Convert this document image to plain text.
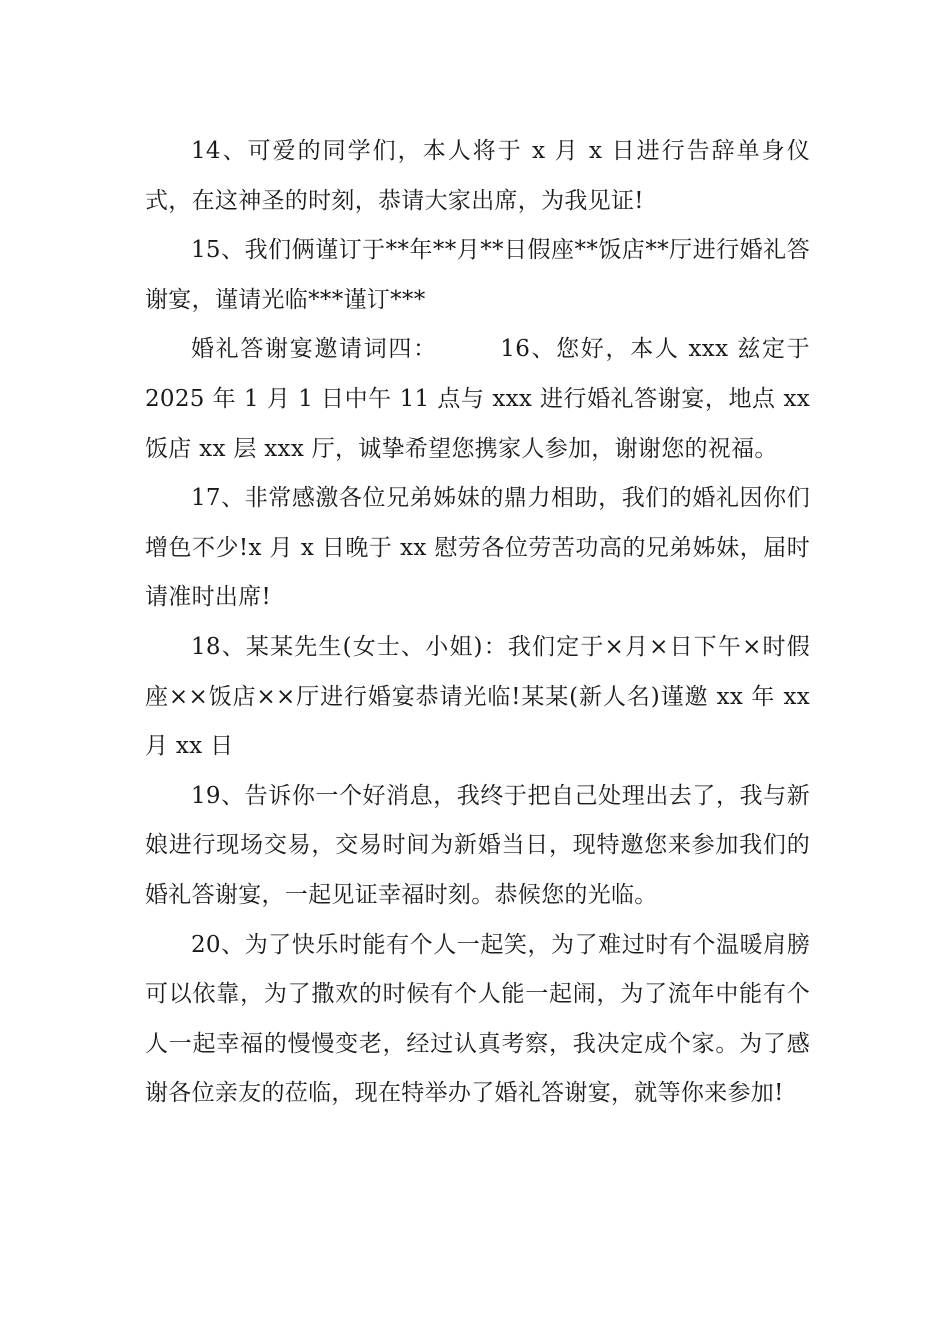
14、可爱的同学们，本人将于 x 月 x 日进行告辞单身仪式，在这神圣的时刻，恭请大家出席，为我见证!

15、我们俩谨订于**年**月**日假座**饭店**厅进行婚礼答谢宴，谨请光临***谨订***

婚礼答谢宴邀请词四：　　　16、您好，本人 xxx 兹定于2025 年 1 月 1 日中午 11 点与 xxx 进行婚礼答谢宴，地点 xx 饭店 xx 层 xxx 厅，诚挚希望您携家人参加，谢谢您的祝福。

17、非常感激各位兄弟姊妹的鼎力相助，我们的婚礼因你们增色不少!x 月 x 日晚于 xx 慰劳各位劳苦功高的兄弟姊妹，届时请准时出席!

18、某某先生(女士、小姐)：我们定于×月×日下午×时假座××饭店××厅进行婚宴恭请光临!某某(新人名)谨邀 xx 年 xx 月 xx 日

19、告诉你一个好消息，我终于把自己处理出去了，我与新娘进行现场交易，交易时间为新婚当日，现特邀您来参加我们的婚礼答谢宴，一起见证幸福时刻。恭候您的光临。

20、为了快乐时能有个人一起笑，为了难过时有个温暖肩膀可以依靠，为了撒欢的时候有个人能一起闹，为了流年中能有个人一起幸福的慢慢变老，经过认真考察，我决定成个家。为了感谢各位亲友的莅临，现在特举办了婚礼答谢宴，就等你来参加!
